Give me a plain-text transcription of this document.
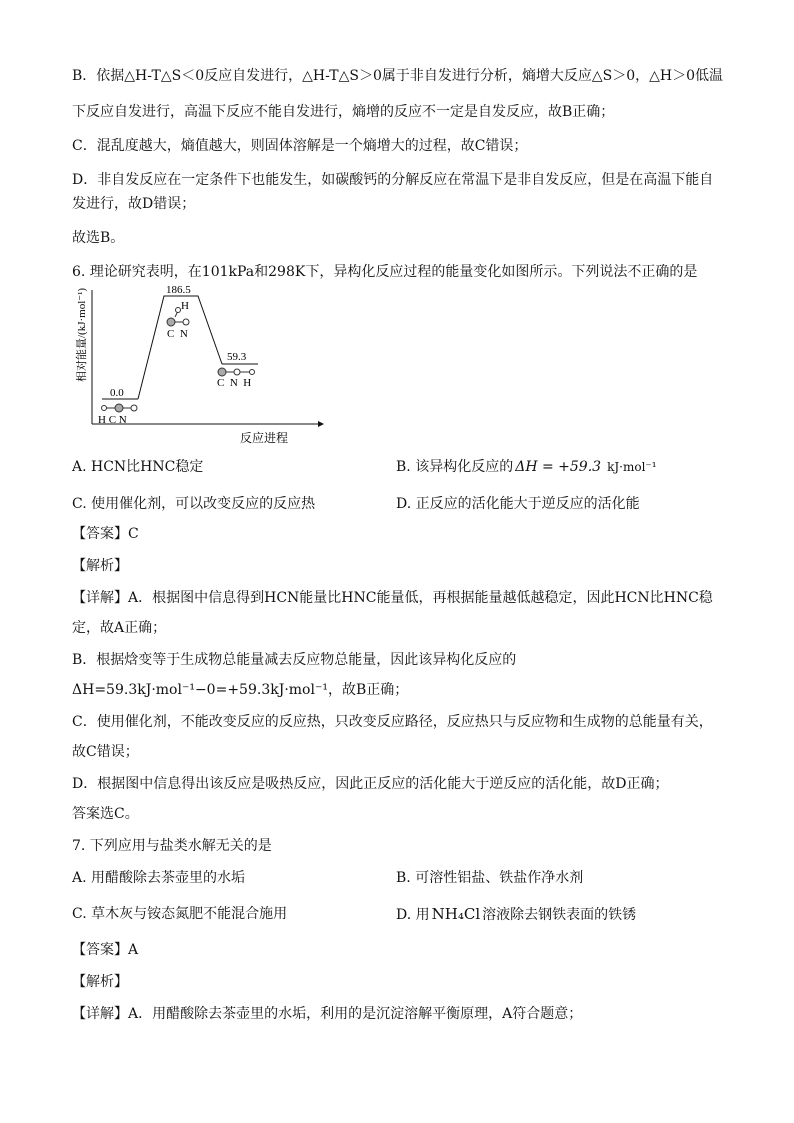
B．依据△H-T△S＜0反应自发进行，△H-T△S＞0属于非自发进行分析，熵增大反应△S＞0，△H＞0低温
下反应自发进行，高温下反应不能自发进行，熵增的反应不一定是自发反应，故B正确；
C．混乱度越大，熵值越大，则固体溶解是一个熵增大的过程，故C错误；
D．非自发反应在一定条件下也能发生，如碳酸钙的分解反应在常温下是非自发反应，但是在高温下能自
发进行，故D错误；
故选B。
6. 理论研究表明，在101kPa和298K下，异构化反应过程的能量变化如图所示。下列说法不正确的是
相对能量/(kJ·mol⁻¹)
反应进程
0.0
186.5
59.3
H C N
H
C  N
C  N  H
A. HCN比HNC稳定	B. 该异构化反应的 ΔH = +59.3 kJ·mol⁻¹
C. 使用催化剂，可以改变反应的反应热	D. 正反应的活化能大于逆反应的活化能
【答案】C
【解析】
【详解】A．根据图中信息得到HCN能量比HNC能量低，再根据能量越低越稳定，因此HCN比HNC稳
定，故A正确；
B．根据焓变等于生成物总能量减去反应物总能量，因此该异构化反应的
ΔH=59.3kJ·mol⁻¹−0=+59.3kJ·mol⁻¹，故B正确；
C．使用催化剂，不能改变反应的反应热，只改变反应路径，反应热只与反应物和生成物的总能量有关，
故C错误；
D．根据图中信息得出该反应是吸热反应，因此正反应的活化能大于逆反应的活化能，故D正确；
答案选C。
7. 下列应用与盐类水解无关的是
A. 用醋酸除去茶壶里的水垢	B. 可溶性铝盐、铁盐作净水剂
C. 草木灰与铵态氮肥不能混合施用	D. 用 NH₄Cl 溶液除去钢铁表面的铁锈
【答案】A
【解析】
【详解】A．用醋酸除去茶壶里的水垢，利用的是沉淀溶解平衡原理，A符合题意；
